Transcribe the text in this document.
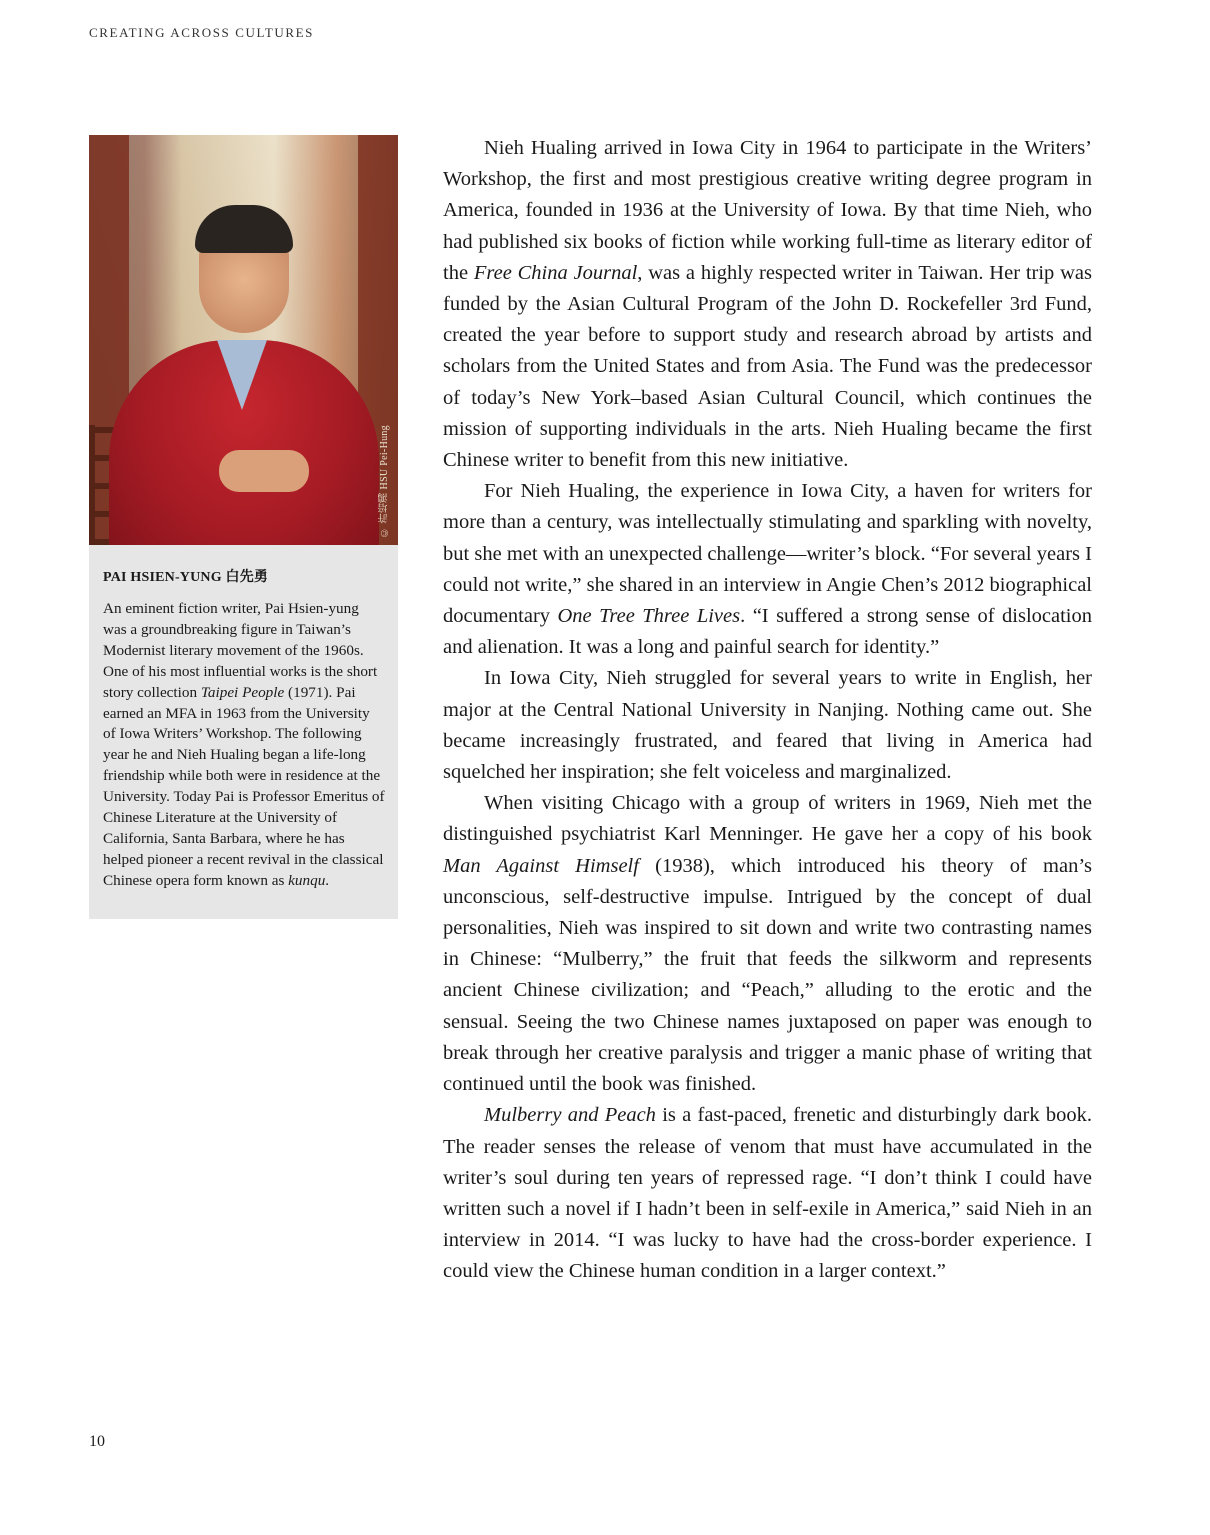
CREATING ACROSS CULTURES
© 許培鴻 HSU Pei-Hung

PAI HSIEN-YUNG 白先勇

An eminent fiction writer, Pai Hsien-yung was a groundbreaking figure in Taiwan’s Modernist literary movement of the 1960s. One of his most influential works is the short story collection Taipei People (1971). Pai earned an MFA in 1963 from the University of Iowa Writers’ Workshop. The following year he and Nieh Hualing began a life-long friendship while both were in residence at the University. Today Pai is Professor Emeritus of Chinese Literature at the University of California, Santa Barbara, where he has helped pioneer a recent revival in the classical Chinese opera form known as kunqu.

Nieh Hualing arrived in Iowa City in 1964 to participate in the Writers’ Workshop, the first and most prestigious creative writing degree program in America, founded in 1936 at the University of Iowa. By that time Nieh, who had published six books of fiction while working full-time as literary editor of the Free China Journal, was a highly respected writer in Taiwan. Her trip was funded by the Asian Cultural Program of the John D. Rockefeller 3rd Fund, created the year before to support study and research abroad by artists and scholars from the United States and from Asia. The Fund was the predecessor of today’s New York–based Asian Cultural Council, which continues the mission of supporting individuals in the arts. Nieh Hualing became the first Chinese writer to benefit from this new initiative.

For Nieh Hualing, the experience in Iowa City, a haven for writers for more than a century, was intellectually stimulating and sparkling with novelty, but she met with an unexpected challenge—writer’s block. “For several years I could not write,” she shared in an interview in Angie Chen’s 2012 biographical documentary One Tree Three Lives. “I suffered a strong sense of dislocation and alienation. It was a long and painful search for identity.”

In Iowa City, Nieh struggled for several years to write in English, her major at the Central National University in Nanjing. Nothing came out. She became increasingly frustrated, and feared that living in America had squelched her inspiration; she felt voiceless and marginalized.

When visiting Chicago with a group of writers in 1969, Nieh met the distinguished psychiatrist Karl Menninger. He gave her a copy of his book Man Against Himself (1938), which introduced his theory of man’s unconscious, self-destructive impulse. Intrigued by the concept of dual personalities, Nieh was inspired to sit down and write two contrasting names in Chinese: “Mulberry,” the fruit that feeds the silkworm and represents ancient Chinese civilization; and “Peach,” alluding to the erotic and the sensual. Seeing the two Chinese names juxtaposed on paper was enough to break through her creative paralysis and trigger a manic phase of writing that continued until the book was finished.

Mulberry and Peach is a fast-paced, frenetic and disturbingly dark book. The reader senses the release of venom that must have accumulated in the writer’s soul during ten years of repressed rage. “I don’t think I could have written such a novel if I hadn’t been in self-exile in America,” said Nieh in an interview in 2014. “I was lucky to have had the cross-border experience. I could view the Chinese human condition in a larger context.”

10
